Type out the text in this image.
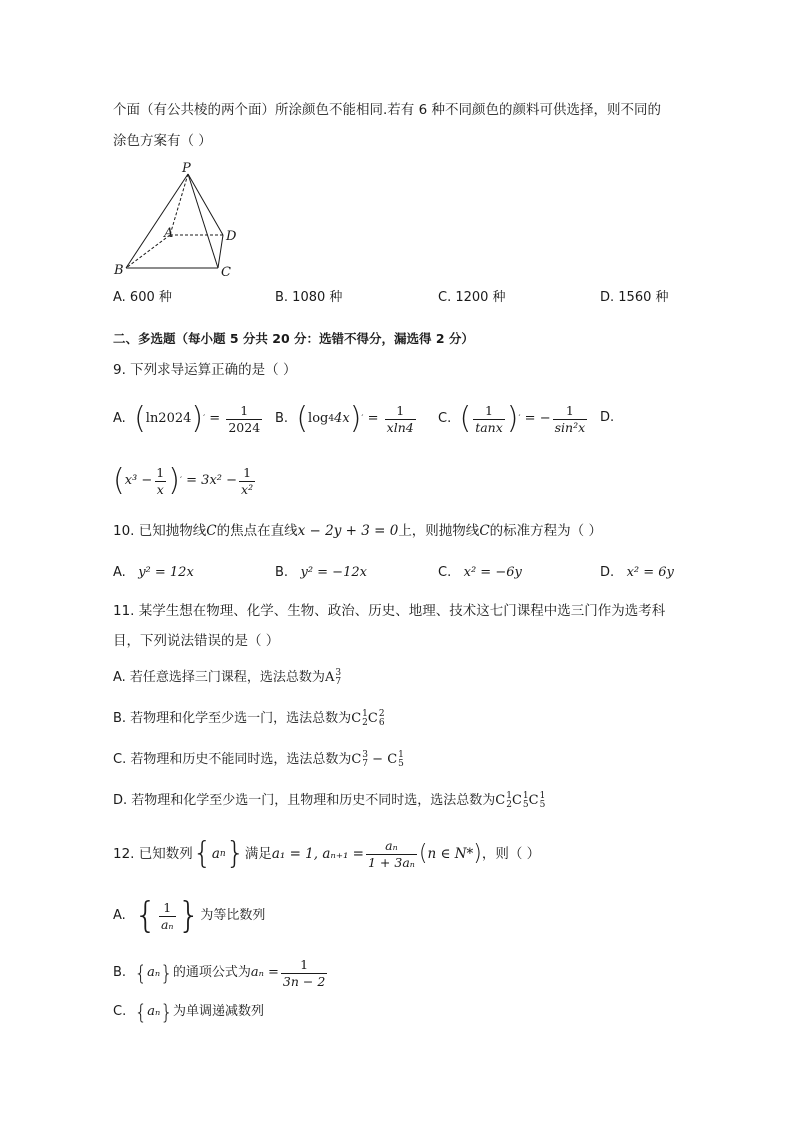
个面（有公共棱的两个面）所涂颜色不能相同.若有 6 种不同颜色的颜料可供选择，则不同的
涂色方案有（ ）
P
A	D
B	C
A. 600 种	B. 1080 种	C. 1200 种	D. 1560 种
二、多选题（每小题 5 分共 20 分：选错不得分，漏选得 2 分）
9. 下列求导运算正确的是（ ）
A.
( ln2024 ) ′ = $\frac{1}{2024} B$.
( log 4 4x ) ′ = $\frac{1}{xln4} C$.
( $\frac{1}{\tan x}$ ) ′ = − $\frac{1}{\text{sin²x}} D$.
( $x^3 - \frac{1}{x}$ ) ′
= $3x^2 - \frac{1}{\text{x²}}$
10. 已知抛物线C的焦点在直线x − 2y + 3 = 0上，则抛物线C的标准方程为（ ）
A. y² = 12x	B. y² = −12x	C. x² = −6y	D. x² = 6y
11. 某学生想在物理、化学、生物、政治、历史、地理、技术这七门课程中选三门作为选考科
目，下列说法错误的是（ ）
A. 若任意选择三门课程，选法总数为A 3
7
B. 若物理和化学至少选一门，选法总数为C 1
2 C 2
6
C. 若物理和历史不能同时选，选法总数为C 3
7 − C 1
5
D. 若物理和化学至少选一门，且物理和历史不同时选，选法总数为C 1
2 C 1
5 C 1
5
12. 已知数列 { a n } 满足 a₁ = 1, $a_{n+1} = \frac{\text{aₙ}}{\text{1 + 3aₙ}}$ ( n ∈ N* ) ，则（ ）
A.
{ $\frac{1}{\text{aₙ}}$ } 为等比数列
B.
{ aₙ } 的通项公式为 $a_n = \frac{1}{3n - 2}$
C.
{ aₙ } 为单调递减数列
